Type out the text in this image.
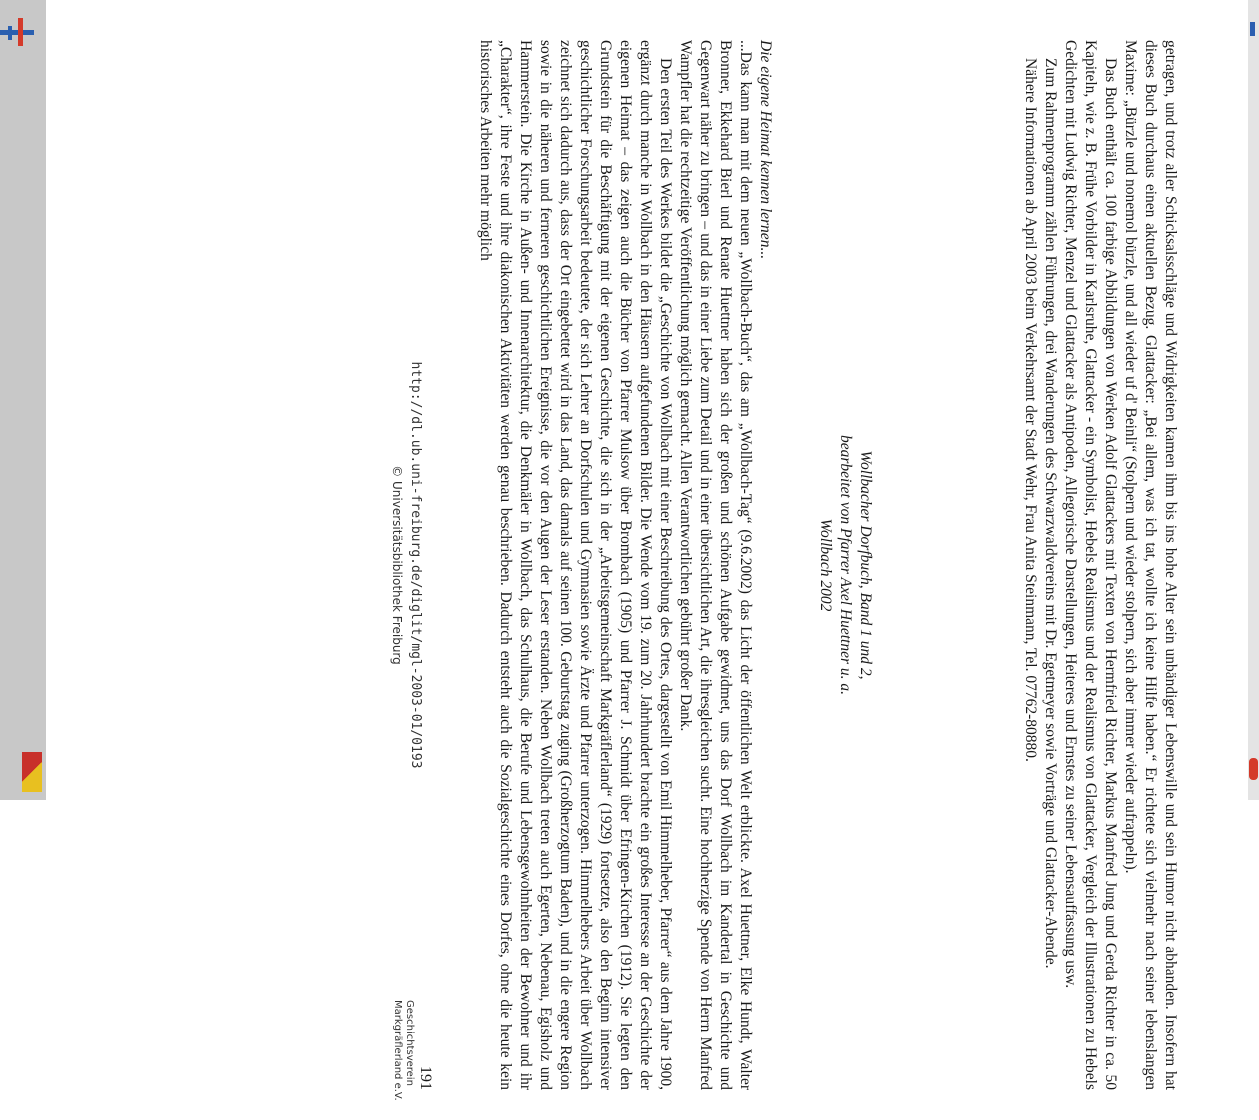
getragen, und trotz aller Schicksalsschläge und Widrigkeiten kamen ihm bis ins hohe Alter sein unbändiger Lebenswille und sein Humor nicht abhanden. Insofern hat dieses Buch durchaus einen aktuellen Bezug. Glattacker: „Bei allem, was ich tat, wollte ich keine Hilfe haben.“ Er richtete sich vielmehr nach seiner lebenslangen Maxime: „Bürzle und nonemol bürzle, und all wieder uf d' Beinli“ (Stolpern und wieder stolpern, sich aber immer wieder aufrappeln).

Das Buch enthält ca. 100 farbige Abbildungen von Werken Adolf Glattackers mit Texten von Hermfried Richter, Markus Manfred Jung und Gerda Richter in ca. 50 Kapiteln, wie z. B. Frühe Vorbilder in Karlsruhe, Glattacker - ein Symbolist, Hebels Realismus und der Realismus von Glattacker, Vergleich der Illustrationen zu Hebels Gedichten mit Ludwig Richter, Menzel und Glattacker als Antipoden, Allegorische Darstellungen, Heiteres und Ernstes zu seiner Lebensauffassung usw.

Zum Rahmenprogramm zählen Führungen, drei Wanderungen des Schwarzwaldvereins mit Dr. Egetmeyer sowie Vorträge und Glattacker-Abende.

Nähere Informationen ab April 2003 beim Verkehrsamt der Stadt Wehr, Frau Anita Steinmann, Tel. 07762-80880.

Wollbacher Dorfbuch, Band 1 und 2,
bearbeitet von Pfarrer Axel Huettner u. a.
Wollbach 2002

Die eigene Heimat kennen lernen...

...Das kann man mit dem neuen „Wollbach-Buch“, das am „Wollbach-Tag“ (9.6.2002) das Licht der öffentlichen Welt erblickte. Axel Huettner, Elke Hundt, Walter Bronner, Ekkehard Bierl und Renate Huettner haben sich der großen und schönen Aufgabe gewidmet, uns das Dorf Wollbach im Kandertal in Geschichte und Gegenwart näher zu bringen – und das in einer Liebe zum Detail und in einer übersichtlichen Art, die ihresgleichen sucht. Eine hochherzige Spende von Herrn Manfred Wampfler hat die rechtzeitige Veröffentlichung möglich gemacht. Allen Verantwortlichen gebührt großer Dank.

Den ersten Teil des Werkes bildet die „Geschichte von Wollbach mit einer Beschreibung des Ortes, dargestellt von Emil Himmelheber, Pfarrer“ aus dem Jahre 1900, ergänzt durch manche in Wollbach in den Häusern aufgefundenen Bilder. Die Wende vom 19. zum 20. Jahrhundert brachte ein großes Interesse an der Geschichte der eigenen Heimat – das zeigen auch die Bücher von Pfarrer Mulsow über Brombach (1905) und Pfarrer J. Schmidt über Efringen-Kirchen (1912). Sie legten den Grundstein für die Beschäftigung mit der eigenen Geschichte, die sich in der „Arbeitsgemeinschaft Markgräflerland“ (1929) fortsetzte, also den Beginn intensiver geschichtlicher Forschungsarbeit bedeutete, der sich Lehrer an Dorfschulen und Gymnasien sowie Ärzte und Pfarrer unterzogen. Himmelhebers Arbeit über Wollbach zeichnet sich dadurch aus, dass der Ort eingebettet wird in das Land, das damals auf seinen 100. Geburtstag zuging (Großherzogtum Baden), und in die engere Region sowie in die näheren und ferneren geschichtlichen Ereignisse, die vor den Augen der Leser erstanden. Neben Wollbach treten auch Egerten, Nebenau, Egisholz und Hammerstein. Die Kirche in Außen- und Innenarchitektur, die Denkmäler in Wollbach, das Schulhaus, die Berufe und Lebensgewohnheiten der Bewohner und ihr „Charakter“, ihre Feste und ihre diakonischen Aktivitäten werden genau beschrieben. Dadurch entsteht auch die Sozialgeschichte eines Dorfes, ohne die heute kein historisches Arbeiten mehr möglich

191
http://dl.ub.uni-freiburg.de/diglit/mgl-2003-01/0193
© Universitätsbibliothek Freiburg
Geschichtsverein
Markgräflerland e.V.
